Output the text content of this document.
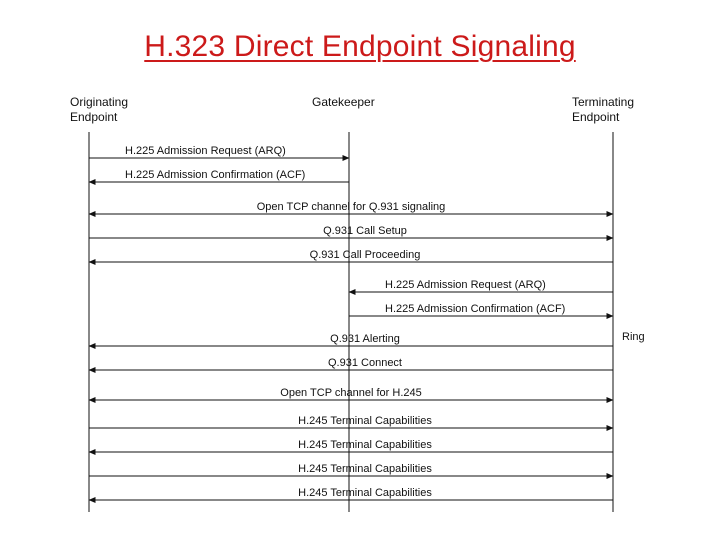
H.323 Direct Endpoint Signaling
Originating
Endpoint
Gatekeeper	Terminating
Endpoint
Ring
H.225 Admission Request (ARQ)
H.225 Admission Confirmation (ACF)
Open TCP channel for Q.931 signaling
Q.931 Call Setup
Q.931 Call Proceeding
H.225 Admission Request (ARQ)
H.225 Admission Confirmation (ACF)
Q.931 Alerting
Q.931 Connect
Open TCP channel for H.245
H.245 Terminal Capabilities
H.245 Terminal Capabilities
H.245 Terminal Capabilities
H.245 Terminal Capabilities
